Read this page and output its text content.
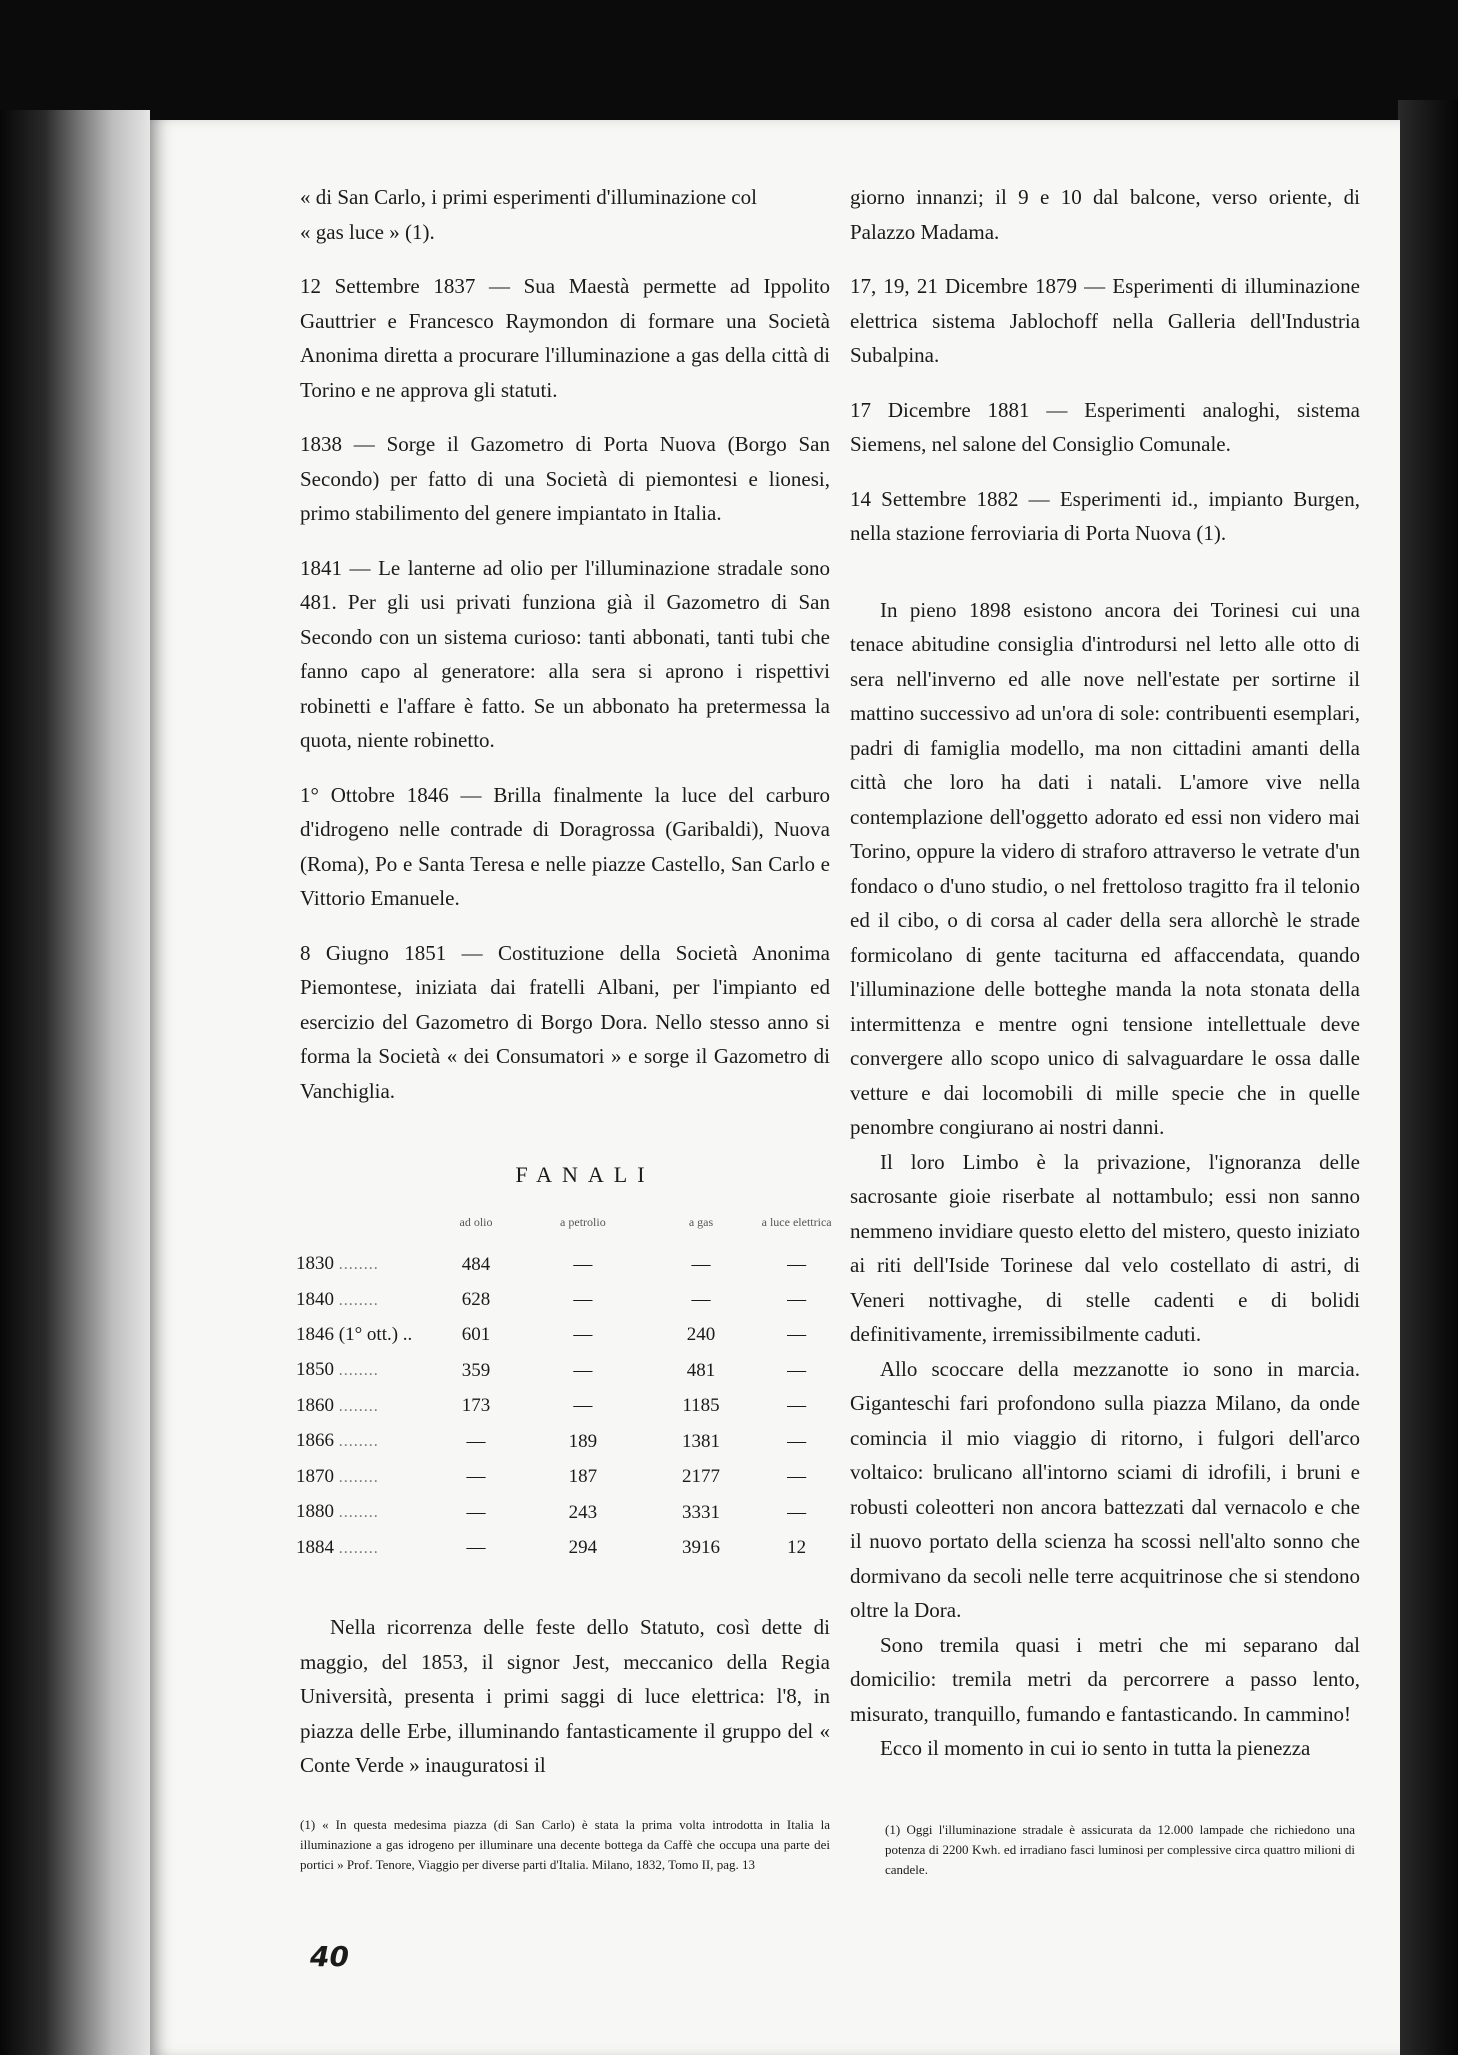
« di San Carlo, i primi esperimenti d'illuminazione col

« gas luce » (1).

12 Settembre 1837 — Sua Maestà permette ad Ippolito Gauttrier e Francesco Raymondon di formare una Società Anonima diretta a procurare l'illuminazione a gas della città di Torino e ne approva gli statuti.

1838 — Sorge il Gazometro di Porta Nuova (Borgo San Secondo) per fatto di una Società di piemontesi e lionesi, primo stabilimento del genere impiantato in Italia.

1841 — Le lanterne ad olio per l'illuminazione stradale sono 481. Per gli usi privati funziona già il Gazometro di San Secondo con un sistema curioso: tanti abbonati, tanti tubi che fanno capo al generatore: alla sera si aprono i rispettivi robinetti e l'affare è fatto. Se un abbonato ha pretermessa la quota, niente robinetto.

1° Ottobre 1846 — Brilla finalmente la luce del carburo d'idrogeno nelle contrade di Doragrossa (Garibaldi), Nuova (Roma), Po e Santa Teresa e nelle piazze Castello, San Carlo e Vittorio Emanuele.

8 Giugno 1851 — Costituzione della Società Anonima Piemontese, iniziata dai fratelli Albani, per l'impianto ed esercizio del Gazometro di Borgo Dora. Nello stesso anno si forma la Società « dei Consumatori » e sorge il Gazometro di Vanchiglia.

FANALI
	ad olio	a petrolio	a gas	a luce elettrica
1830 ........	484	—	—	—
1840 ........	628	—	—	—
1846 (1° ott.) ..	601	—	240	—
1850 ........	359	—	481	—
1860 ........	173	—	1185	—
1866 ........	—	189	1381	—
1870 ........	—	187	2177	—
1880 ........	—	243	3331	—
1884 ........	—	294	3916	12

Nella ricorrenza delle feste dello Statuto, così dette di maggio, del 1853, il signor Jest, meccanico della Regia Università, presenta i primi saggi di luce elettrica: l'8, in piazza delle Erbe, illuminando fantasticamente il gruppo del « Conte Verde » inauguratosi il

(1) « In questa medesima piazza (di San Carlo) è stata la prima volta introdotta in Italia la illuminazione a gas idrogeno per illuminare una decente bottega da Caffè che occupa una parte dei portici » Prof. Tenore, Viaggio per diverse parti d'Italia. Milano, 1832, Tomo II, pag. 13
40

giorno innanzi; il 9 e 10 dal balcone, verso oriente, di Palazzo Madama.

17, 19, 21 Dicembre 1879 — Esperimenti di illuminazione elettrica sistema Jablochoff nella Galleria dell'Industria Subalpina.

17 Dicembre 1881 — Esperimenti analoghi, sistema Siemens, nel salone del Consiglio Comunale.

14 Settembre 1882 — Esperimenti id., impianto Burgen, nella stazione ferroviaria di Porta Nuova (1).

In pieno 1898 esistono ancora dei Torinesi cui una tenace abitudine consiglia d'introdursi nel letto alle otto di sera nell'inverno ed alle nove nell'estate per sortirne il mattino successivo ad un'ora di sole: contribuenti esemplari, padri di famiglia modello, ma non cittadini amanti della città che loro ha dati i natali. L'amore vive nella contemplazione dell'oggetto adorato ed essi non videro mai Torino, oppure la videro di straforo attraverso le vetrate d'un fondaco o d'uno studio, o nel frettoloso tragitto fra il telonio ed il cibo, o di corsa al cader della sera allorchè le strade formicolano di gente taciturna ed affaccendata, quando l'illuminazione delle botteghe manda la nota stonata della intermittenza e mentre ogni tensione intellettuale deve convergere allo scopo unico di salvaguardare le ossa dalle vetture e dai locomobili di mille specie che in quelle penombre congiurano ai nostri danni.

Il loro Limbo è la privazione, l'ignoranza delle sacrosante gioie riserbate al nottambulo; essi non sanno nemmeno invidiare questo eletto del mistero, questo iniziato ai riti dell'Iside Torinese dal velo costellato di astri, di Veneri nottivaghe, di stelle cadenti e di bolidi definitivamente, irremissibilmente caduti.

Allo scoccare della mezzanotte io sono in marcia. Giganteschi fari profondono sulla piazza Milano, da onde comincia il mio viaggio di ritorno, i fulgori dell'arco voltaico: brulicano all'intorno sciami di idrofili, i bruni e robusti coleotteri non ancora battezzati dal vernacolo e che il nuovo portato della scienza ha scossi nell'alto sonno che dormivano da secoli nelle terre acquitrinose che si stendono oltre la Dora.

Sono tremila quasi i metri che mi separano dal domicilio: tremila metri da percorrere a passo lento, misurato, tranquillo, fumando e fantasticando. In cammino!

Ecco il momento in cui io sento in tutta la pienezza

(1) Oggi l'illuminazione stradale è assicurata da 12.000 lampade che richiedono una potenza di 2200 Kwh. ed irradiano fasci luminosi per complessive circa quattro milioni di candele.
